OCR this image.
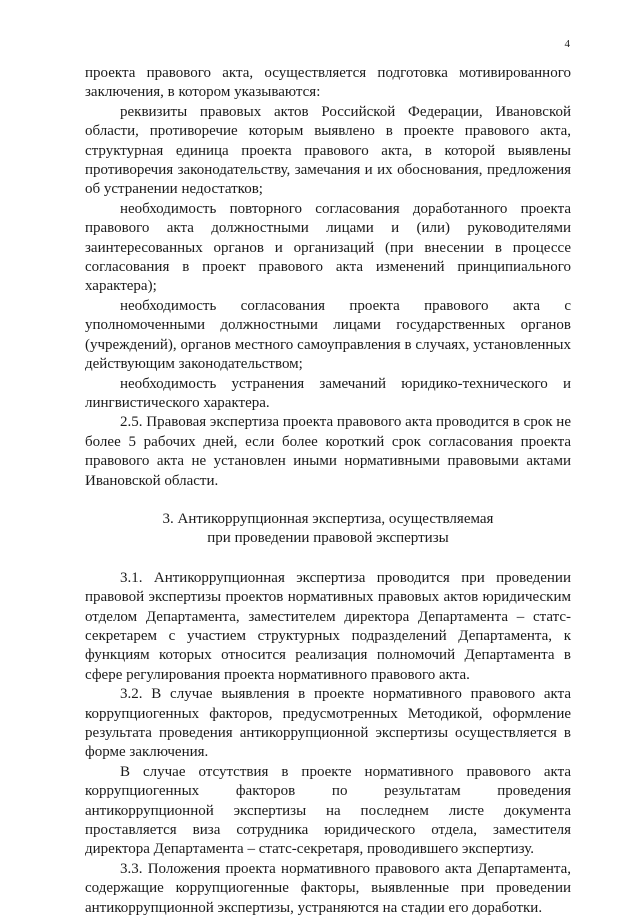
4

проекта правового акта, осуществляется подготовка мотивированного заключения, в котором указываются:

реквизиты правовых актов Российской Федерации, Ивановской области, противоречие которым выявлено в проекте правового акта, структурная единица проекта правового акта, в которой выявлены противоречия законодательству, замечания и их обоснования, предложения об устранении недостатков;

необходимость повторного согласования доработанного проекта правового акта должностными лицами и (или) руководителями заинтересованных органов и организаций (при внесении в процессе согласования в проект правового акта изменений принципиального характера);

необходимость согласования проекта правового акта с уполномоченными должностными лицами государственных органов (учреждений), органов местного самоуправления в случаях, установленных действующим законодательством;

необходимость устранения замечаний юридико-технического и лингвистического характера.

2.5. Правовая экспертиза проекта правового акта проводится в срок не более 5 рабочих дней, если более короткий срок согласования проекта правового акта не установлен иными нормативными правовыми актами Ивановской области.

3. Антикоррупционная экспертиза, осуществляемая
при проведении правовой экспертизы

3.1. Антикоррупционная экспертиза проводится при проведении правовой экспертизы проектов нормативных правовых актов юридическим отделом Департамента, заместителем директора Департамента – статс-секретарем с участием структурных подразделений Департамента, к функциям которых относится реализация полномочий Департамента в сфере регулирования проекта нормативного правового акта.

3.2. В случае выявления в проекте нормативного правового акта коррупциогенных факторов, предусмотренных Методикой, оформление результата проведения антикоррупционной экспертизы осуществляется в форме заключения.

В случае отсутствия в проекте нормативного правового акта коррупциогенных факторов по результатам проведения антикоррупционной экспертизы на последнем листе документа проставляется виза сотрудника юридического отдела, заместителя директора Департамента – статс-секретаря, проводившего экспертизу.

3.3. Положения проекта нормативного правового акта Департамента, содержащие коррупциогенные факторы, выявленные при проведении антикоррупционной экспертизы, устраняются на стадии его доработки.
